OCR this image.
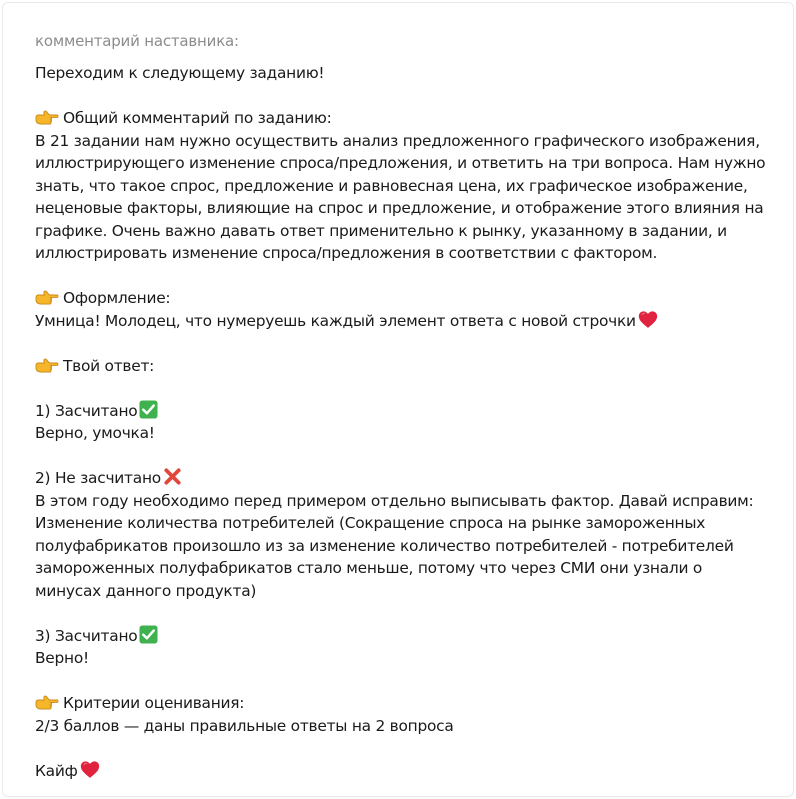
комментарий наставника:
Переходим к следующему заданию!
Общий комментарий по заданию:
В 21 задании нам нужно осуществить анализ предложенного графического изображения,
иллюстрирующего изменение спроса/предложения, и ответить на три вопроса. Нам нужно
знать, что такое спрос, предложение и равновесная цена, их графическое изображение,
неценовые факторы, влияющие на спрос и предложение, и отображение этого влияния на
графике. Очень важно давать ответ применительно к рынку, указанному в задании, и
иллюстрировать изменение спроса/предложения в соответствии с фактором.
Оформление:
Умница! Молодец, что нумеруешь каждый элемент ответа с новой строчки
Твой ответ:
1) Засчитано
Верно, умочка!
2) Не засчитано
В этом году необходимо перед примером отдельно выписывать фактор. Давай исправим:
Изменение количества потребителей (Сокращение спроса на рынке замороженных
полуфабрикатов произошло из за изменение количество потребителей - потребителей
замороженных полуфабрикатов стало меньше, потому что через СМИ они узнали о
минусах данного продукта)
3) Засчитано
Верно!
Критерии оценивания:
2/3 баллов — даны правильные ответы на 2 вопроса
Кайф
